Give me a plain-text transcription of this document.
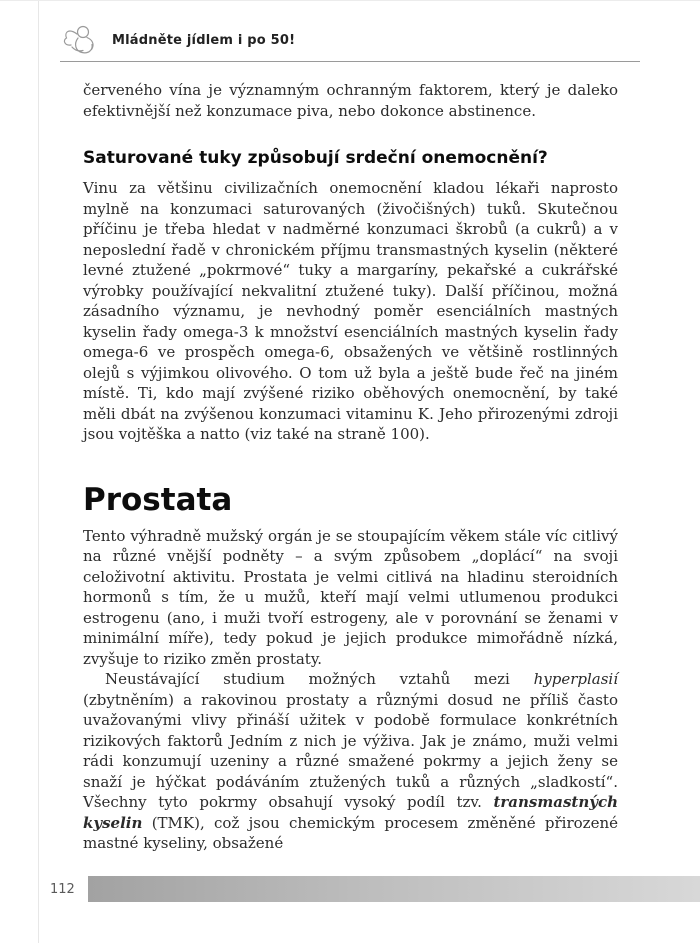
Mládněte jídlem i po 50!

červeného vína je významným ochranným faktorem, který je daleko efektivnější než konzumace piva, nebo dokonce abstinence.

Saturované tuky způsobují srdeční onemocnění?

Vinu za většinu civilizačních onemocnění kladou lékaři naprosto mylně na konzumaci saturovaných (živočišných) tuků. Skutečnou příčinu je třeba hledat v nadměrné konzumaci škrobů (a cukrů) a v neposlední řadě v chronickém příjmu transmastných kyselin (některé levné ztužené „pokrmové“ tuky a margaríny, pekařské a cukrářské výrobky používající nekvalitní ztužené tuky). Další příčinou, možná zásadního významu, je nevhodný poměr esenciálních mastných kyselin řady omega-3 k množství esenciálních mastných kyselin řady omega-6 ve prospěch omega-6, obsažených ve většině rostlinných olejů s výjimkou olivového. O tom už byla a ještě bude řeč na jiném místě. Ti, kdo mají zvýšené riziko oběhových onemocnění, by také měli dbát na zvýšenou konzumaci vitaminu K. Jeho přirozenými zdroji jsou vojtěška a natto (viz také na straně 100).

Prostata

Tento výhradně mužský orgán je se stoupajícím věkem stále víc citlivý na různé vnější podněty – a svým způsobem „doplácí“ na svoji celoživotní aktivitu. Prostata je velmi citlivá na hladinu steroidních hormonů s tím, že u mužů, kteří mají velmi utlumenou produkci estrogenu (ano, i muži tvoří estrogeny, ale v porovnání se ženami v minimální míře), tedy pokud je jejich produkce mimořádně nízká, zvyšuje to riziko změn prostaty.

Neustávající studium možných vztahů mezi hyperplasií (zbytněním) a rakovinou prostaty a různými dosud ne příliš často uvažovanými vlivy přináší užitek v podobě formulace konkrétních rizikových faktorů Jedním z nich je výživa. Jak je známo, muži velmi rádi konzumují uzeniny a různé smažené pokrmy a jejich ženy se snaží je hýčkat podáváním ztužených tuků a různých „sladkostí“. Všechny tyto pokrmy obsahují vysoký podíl tzv. transmastných kyselin (TMK), což jsou chemickým procesem změněné přirozené mastné kyseliny, obsažené

112
